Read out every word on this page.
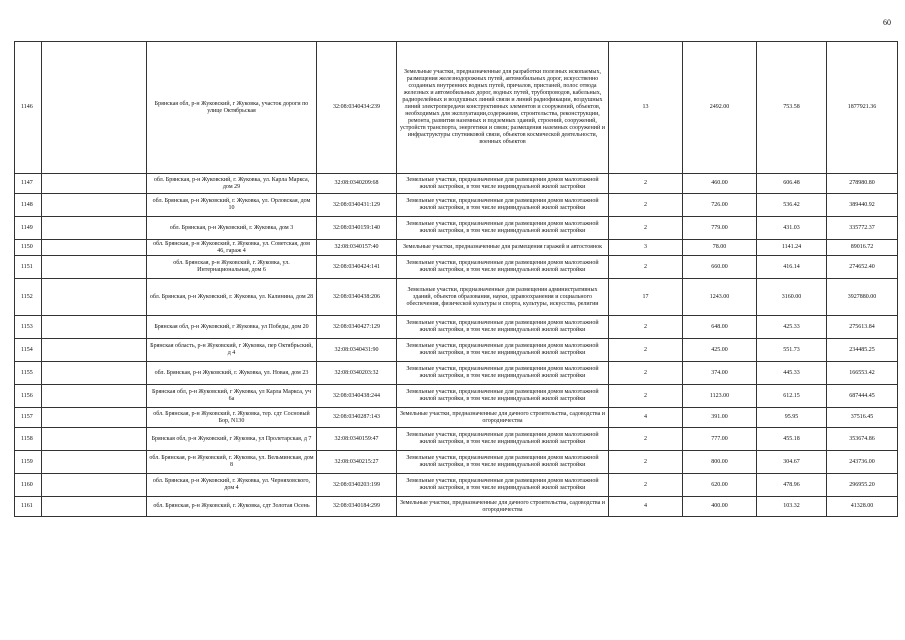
60
1146		Брянская обл, р-н Жуковский, г Жуковка, участок дороги по улице Октябрьская	32:08:0340434:239	Земельные участки, предназначенные для разработки полезных ископаемых, размещения железнодорожных путей, автомобильных дорог, искусственно созданных внутренних водных путей, причалов, пристаней, полос отвода железных и автомобильных дорог, водных путей, трубопроводов, кабельных, радиорелейных и воздушных линий связи и линий радиофикации, воздушных линий электропередачи конструктивных элементов и сооружений, объектов, необходимых для эксплуатации,содержания, строительства, реконструкции, ремонта, развития наземных и подземных зданий, строений, сооружений, устройств транспорта, энергетики и связи; размещения наземных сооружений и инфраструктуры спутниковой связи, объектов космической деятельности, военных объектов	13	2492.00	753.58	1877921.36
1147		обл. Брянская, р-н Жуковский, г. Жуковка, ул. Карла Маркса, дом 29	32:08:0340209:68	Земельные участки, предназначенные для размещения домов малоэтажной жилой застройки, в том числе индивидуальной жилой застройки	2	460.00	606.48	278980.80
1148		обл. Брянская, р-н Жуковский, г. Жуковка, ул. Орловская, дом 10	32:08:0340431:129	Земельные участки, предназначенные для размещения домов малоэтажной жилой застройки, в том числе индивидуальной жилой застройки	2	726.00	536.42	389440.92
1149		обл. Брянская, р-н Жуковский, г. Жуковка, дом 3	32:08:0340159:140	Земельные участки, предназначенные для размещения домов малоэтажной жилой застройки, в том числе индивидуальной жилой застройки	2	779.00	431.03	335772.37
1150		обл. Брянская, р-н Жуковский, г. Жуковка, ул. Советская, дом 46, гараж 4	32:08:0340157:40	Земельные участки, предназначенные для размещения гаражей и автостоянок	3	78.00	1141.24	89016.72
1151		обл. Брянская, р-н Жуковский, г. Жуковка, ул. Интернациональная, дом 6	32:08:0340424:141	Земельные участки, предназначенные для размещения домов малоэтажной жилой застройки, в том числе индивидуальной жилой застройки	2	660.00	416.14	274652.40
1152		обл. Брянская, р-н Жуковский, г. Жуковка, ул. Калинина, дом 28	32:08:0340438:206	Земельные участки, предназначенные для размещения административных зданий, объектов образования, науки, здравоохранения и социального обеспечения, физической культуры и спорта, культуры, искусства, религии	17	1243.00	3160.00	3927880.00
1153		Брянская обл, р-н Жуковский, г Жуковка, ул Победы, дом 20	32:08:0340427:129	Земельные участки, предназначенные для размещения домов малоэтажной жилой застройки, в том числе индивидуальной жилой застройки	2	648.00	425.33	275613.84
1154		Брянская область, р-н Жуковский, г Жуковка, пер Октябрьский, д 4	32:08:0340431:90	Земельные участки, предназначенные для размещения домов малоэтажной жилой застройки, в том числе индивидуальной жилой застройки	2	425.00	551.73	234485.25
1155		обл. Брянская, р-н Жуковский, г. Жуковка, ул. Новая, дом 23	32:08:0340203:32	Земельные участки, предназначенные для размещения домов малоэтажной жилой застройки, в том числе индивидуальной жилой застройки	2	374.00	445.33	166553.42
1156		Брянская обл, р-н Жуковский, г Жуковка, ул Карла Маркса, уч 6а	32:08:0340438:244	Земельные участки, предназначенные для размещения домов малоэтажной жилой застройки, в том числе индивидуальной жилой застройки	2	1123.00	612.15	687444.45
1157		обл. Брянская, р-н Жуковский, г. Жуковка, тер. сдт Сосновый Бор, N130	32:08:0340287:143	Земельные участки, предназначенные для дачного строительства, садоводства и огородничества	4	391.00	95.95	37516.45
1158		Брянская обл, р-н Жуковский, г Жуковка, ул Пролетарская, д 7	32:08:0340159:47	Земельные участки, предназначенные для размещения домов малоэтажной жилой застройки, в том числе индивидуальной жилой застройки	2	777.00	455.18	353674.86
1159		обл. Брянская, р-н Жуковский, г. Жуковка, ул. Вельминская, дом 8	32:08:0340215:27	Земельные участки, предназначенные для размещения домов малоэтажной жилой застройки, в том числе индивидуальной жилой застройки	2	800.00	304.67	243736.00
1160		обл. Брянская, р-н Жуковский, г. Жуковка, ул. Черняховского, дом 4	32:08:0340203:199	Земельные участки, предназначенные для размещения домов малоэтажной жилой застройки, в том числе индивидуальной жилой застройки	2	620.00	478.96	296955.20
1161		обл. Брянская, р-н Жуковский, г. Жуковка, сдт Золотая Осень	32:08:0340184:299	Земельные участки, предназначенные для дачного строительства, садоводства и огородничества	4	400.00	103.32	41328.00
